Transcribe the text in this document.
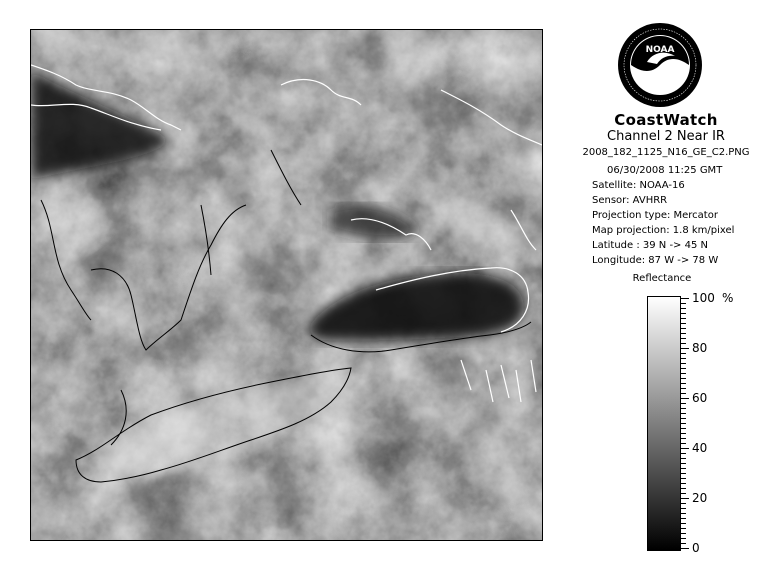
NOAA
CoastWatch
Channel 2 Near IR
2008_182_1125_N16_GE_C2.PNG
06/30/2008 11:25 GMT
Satellite: NOAA-16
Sensor: AVHRR
Projection type: Mercator
Map projection: 1.8 km/pixel
Latitude : 39 N -> 45 N
Longitude: 87 W -> 78 W
Reflectance
%
100
80
60
40
20
0
